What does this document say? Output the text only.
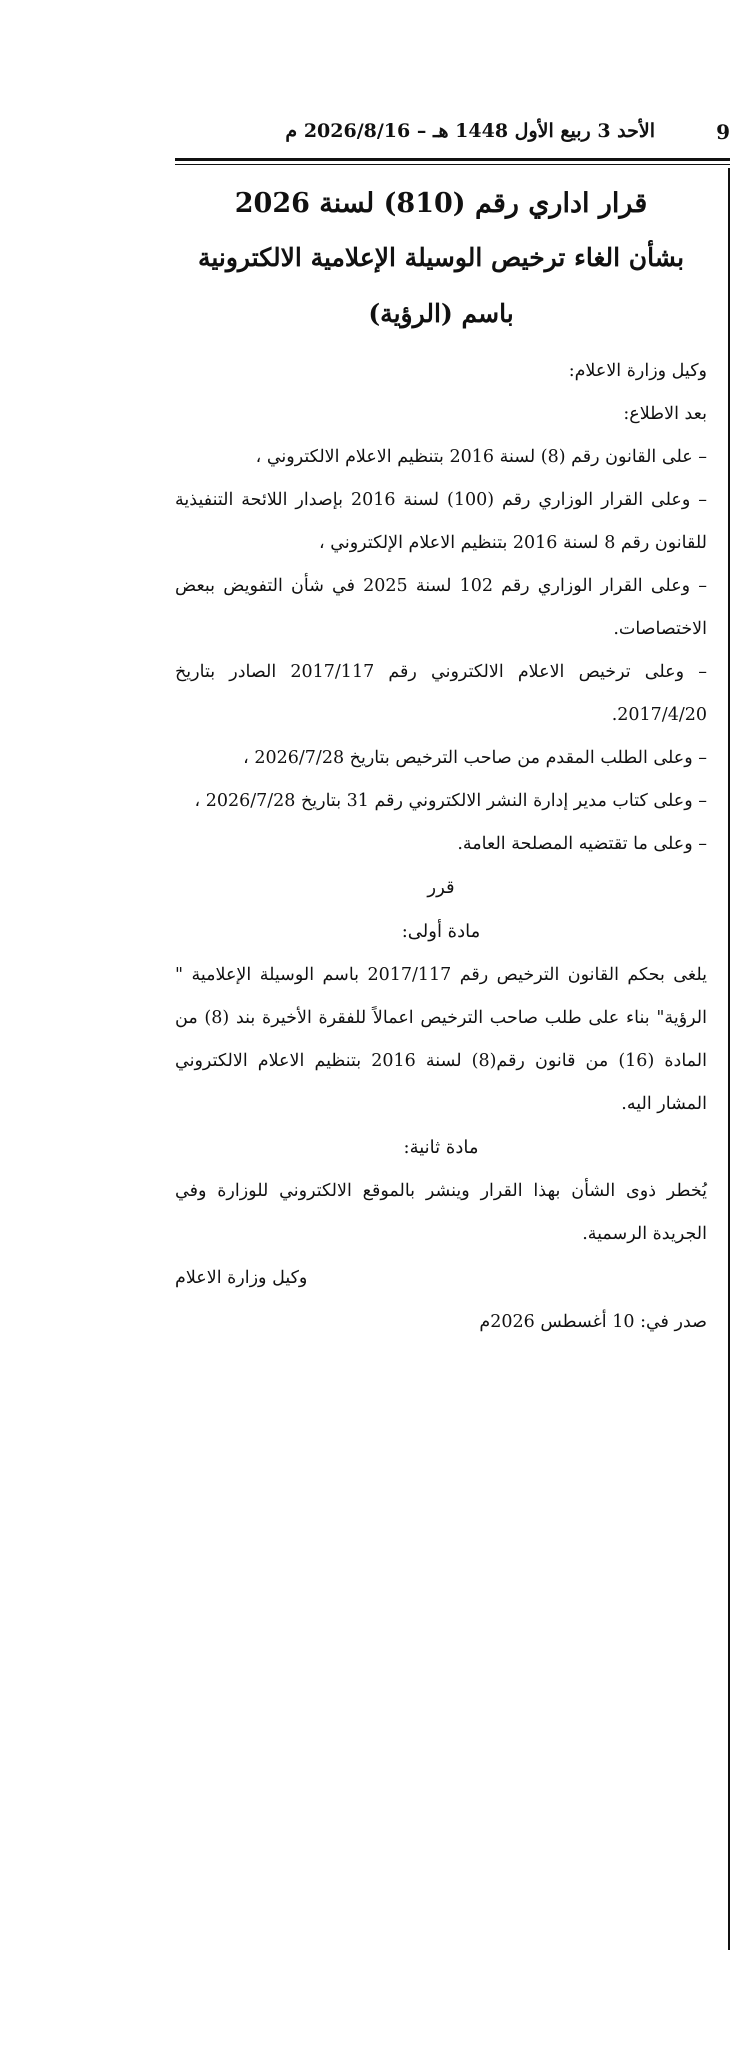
9
الأحد 3 ربيع الأول 1448 هـ – 2026/8/16 م
قرار اداري رقم (810) لسنة 2026
بشأن الغاء ترخيص الوسيلة الإعلامية الالكترونية
باسم (الرؤية)

وكيل وزارة الاعلام:

بعد الاطلاع:

– على القانون رقم (8) لسنة 2016 بتنظيم الاعلام الالكتروني ،

– وعلى القرار الوزاري رقم (100) لسنة 2016 بإصدار اللائحة التنفيذية للقانون رقم 8 لسنة 2016 بتنظيم الاعلام الإلكتروني ،

– وعلى القرار الوزاري رقم 102 لسنة 2025 في شأن التفويض ببعض الاختصاصات.

– وعلى ترخيص الاعلام الالكتروني رقم 2017/117 الصادر بتاريخ 2017/4/20.

– وعلى الطلب المقدم من صاحب الترخيص بتاريخ 2026/7/28 ،

– وعلى كتاب مدير إدارة النشر الالكتروني رقم 31 بتاريخ 2026/7/28 ،

– وعلى ما تقتضيه المصلحة العامة.

قرر

مادة أولى:

يلغى بحكم القانون الترخيص رقم 2017/117 باسم الوسيلة الإعلامية " الرؤية" بناء على طلب صاحب الترخيص اعمالاً للفقرة الأخيرة بند (8) من المادة (16) من قانون رقم(8) لسنة 2016 بتنظيم الاعلام الالكتروني المشار اليه.

مادة ثانية:

يُخطر ذوى الشأن بهذا القرار وينشر بالموقع الالكتروني للوزارة وفي الجريدة الرسمية.

وكيل وزارة الاعلام

صدر في: 10 أغسطس 2026م
